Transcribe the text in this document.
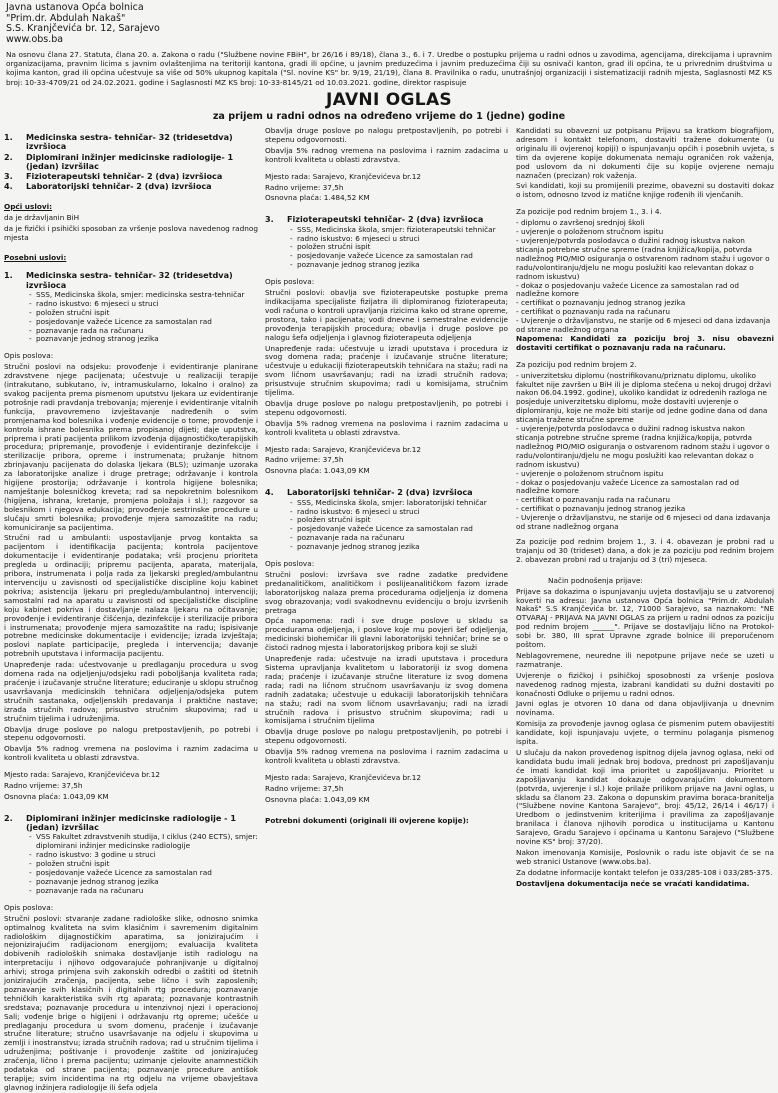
Javna ustanova Opća bolnica
"Prim.dr. Abdulah Nakaš"
S.S. Kranjčevića br. 12, Sarajevo
www.obs.ba
Na osnovu člana 27. Statuta, člana 20. a. Zakona o radu ("Službene novine FBiH", br 26/16 i 89/18), člana 3., 6. i 7. Uredbe o postupku prijema u radni odnos u zavodima, agencijama, direkcijama i upravnim organizacijama, pravnim licima s javnim ovlaštenjima na teritoriji kantona, gradi ili općine, u javnim preduzećima i javnim preduzećima čiji su osnivači kanton, grad ili općina, te u privrednim društvima u kojima kanton, grad ili općina učestvuje sa više od 50% ukupnog kapitala ("Sl. novine KS" br. 9/19, 21/19), člana 8. Pravilnika o radu, unutrašnjoj organizaciji i sistematizaciji radnih mjesta, Saglasnosti MZ KS broj: 10-33-4709/21 od 24.02.2021. godine i Saglasnosti MZ KS broj: 10-33-8145/21 od 10.03.2021. godine, direktor raspisuje
JAVNI OGLAS
za prijem u radni odnos na određeno vrijeme do 1 (jedne) godine
1.	Medicinska sestra- tehničar- 32 (tridesetdva) izvršioca
2.	Diplomirani inžinjer medicinske radiologije- 1 (jedan) izvršilac
3.	Fizioterapeutski tehničar- 2 (dva) izvršioca
4.	Laboratorijski tehničar- 2 (dva) izvršioca

Opći uslovi:

da je državljanin BiH

da je fizički i psihički sposoban za vršenje poslova navedenog radnog mjesta

Posebni uslovi:

1.	Medicinska sestra- tehničar- 32 (tridesetdva) izvršioca
- SSS, Medicinska škola, smjer: medicinska sestra-tehničar
- radno iskustvo: 6 mjeseci u struci
- položen stručni ispit
- posjedovanje važeće Licence za samostalan rad
- poznavanje rada na računaru
- poznavanje jednog stranog jezika

Opis poslova:

Stručni poslovi na odsjeku: provođenje i evidentiranje planirane zdravstvene njege pacijenata; učestvuje u realizaciji terapije (intrakutano, subkutano, iv, intramuskularno, lokalno i oralno) za svakog pacijenta prema pismenom uputstvu ljekara uz evidentiranje potrošnje radi pravdanja trebovanja; mjerenje i evidentiranje vitalnih funkcija, pravovremeno izvještavanje nadređenih o svim promjenama kod bolesnika i vođenje evidencije o tome; provođenje i kontrola ishrane bolesnika prema propisanoj dijeti; daje uputstva, priprema i prati pacijenta prilikom izvođenja dijagnostičko/terapijskih procedura; pripremanje, provođenje i evidentiranje dezinfekcije i sterilizacije pribora, opreme i instrumenata; pružanje hitnom zbrinjavanju pacijenata do dolaska ljekara (BLS); uzimanje uzoraka za laboratorijske analize i druge pretrage; održavanje i kontrola higijene prostorija; održavanje i kontrola higijene bolesnika; namještanje bolesničkog kreveta; rad sa nepokretnim bolesnikom (higijena, ishrana, kretanje, promjena položaja i sl.); razgovor sa bolesnikom i njegova edukacija; provođenje sestrinske procedure u slučaju smrti bolesnika; provođenje mjera samozaštite na radu; komuniciranje sa pacijentima.

Stručni rad u ambulanti: uspostavljanje prvog kontakta sa pacijentom i identifikacija pacijenta; kontrola pacijentove dokumentacije i evidentiranje podataka; vrši procjenu prioriteta pregleda u ordinaciji; pripremu pacijenta, aparata, materijala, pribora, instrumenata i polja rada za ljekarski pregled/ambulantnu intervenciju u zavisnosti od specijalističke discipline koju kabinet pokriva; asistencija ljekaru pri pregledu/ambulantnoj intervenciji; samostalni rad na aparatu u zavisnosti od specijalističke discipline koju kabinet pokriva i dostavljanje nalaza ljekaru na očitavanje; provođenje i evidentiranje čišćenja, dezinfekcije i sterilizacije pribora i instrumenata; provođenje mjera samozaštite na radu; ispisivanje potrebne medicinske dokumentacije i evidencije; izrada izvještaja; poslovi naplate participacije, pregleda i intervencija; davanje potrebnih uputstava i informacija pacijentu.

Unapređenje rada: učestvovanje u predlaganju procedura u svog domena rada na odjeljenju/odsjeku radi poboljšanja kvaliteta rada; praćenje i izučavanje stručne literature; educiranje u sklopu stručnog usavršavanja medicinskih tehničara odjeljenja/odsjeka putem stručnih sastanaka, odjeljenskih predavanja i praktične nastave; izrada stručnih radova; prisustvo stručnim skupovima; rad u stručnim tijelima i udruženjima.

Obavlja druge poslove po nalogu pretpostavljenih, po potrebi i stepenu odgovornosti.

Obavlja 5% radnog vremena na poslovima i raznim zadacima u kontroli kvaliteta u oblasti zdravstva.

Mjesto rada: Sarajevo, Kranjčevićeva br.12

Radno vrijeme: 37,5h

Osnovna plaća: 1.043,09 KM

2.	Diplomirani inžinjer medicinske radiologije - 1 (jedan) izvršilac
- VSS Fakultet zdravstvenih studija, I ciklus (240 ECTS), smjer: diplomirani inžinjer medicinske radiologije
- radno iskustvo: 3 godine u struci
- položen stručni ispit
- posjedovanje važeće Licence za samostalan rad
- poznavanje jednog stranog jezika
- poznavanje rada na računaru

Opis poslova:

Stručni poslovi: stvaranje zadane radiološke slike, odnosno snimka optimalnog kvaliteta na svim klasičnim i savremenim digitalnim radiološkim dijagnostičkim aparatima, sa jonizirajućim i nejonizirajućim radijacionom energijom; evaluacija kvaliteta dobivenih radioloških snimaka dostavljanje istih radiologu na interpretaciju i njihovo odgovarajuće pohranjivanje u digitalnoj arhivi; stroga primjena svih zakonskih odredbi o zaštiti od štetnih jonizirajućih zračenja, pacijenta, sebe lično i svih zaposlenih; poznavanje svih klasičnih i digitalnih rtg procedura; poznavanje tehničkih karakteristika svih rtg aparata; poznavanje kontrastnih sredstava; poznavanje procedura u intenzivnoj njezi i operacionoj Sali; vođenje brige o higijeni i održavanju rtg opreme; učešće u predlaganju procedura u svom domenu, praćenje i izučavanje stručne literature; stručno usavršavanje na odjelu i skupovima u zemlji i inostranstvu; izrada stručnih radova; rad u stručnim tijelima i udruženjima; poštivanje i provođenje zaštite od jonizirajućeg zračenja, lično i prema pacijentu; uzimanje cjelovite anamnestičkih podataka od strane pacijenta; poznavanje procedure antišok terapije; svim incidentima na rtg odjelu na vrijeme obavještava glavnog inžinjera radiologije ili šefa odjela

Obavlja druge poslove po nalogu pretpostavljenih, po potrebi i stepenu odgovornosti.

Obavlja 5% radnog vremena na poslovima i raznim zadacima u kontroli kvaliteta u oblasti zdravstva.

Mjesto rada: Sarajevo, Kranjčevićeva br.12

Radno vrijeme: 37,5h

Osnovna plaća: 1.484,52 KM

3.	Fizioterapeutski tehničar- 2 (dva) izvršioca
- SSS, Medicinska škola, smjer: fizioterapeutski tehničar
- radno iskustvo: 6 mjeseci u struci
- položen stručni ispit
- posjedovanje važeće Licence za samostalan rad
- poznavanje jednog stranog jezika

Opis poslova:

Stručni poslovi: obavlja sve fizioterapeutske postupke prema indikacijama specijaliste fizijatra ili diplomiranog fizioterapeuta; vodi računa o kontroli upravljanja rizicima kako od strane opreme, prostora, tako i pacijenata; vodi dnevne i semestralne evidencije provođenja terapijskih procedura; obavlja i druge poslove po nalogu šefa odjeljenja i glavnog fizioterapeuta odjeljenja

Unapređenje rada: učestvuje u izradi uputstava i procedura iz svog domena rada; praćenje i izučavanje stručne literature; učestvuje u edukaciji fizioterapeutskih tehničara na stažu; radi na svom ličnom usavršavanju; radi na izradi stručnih radova; prisustvuje stručnim skupovima; radi u komisijama, stručnim tijelima.

Obavlja druge poslove po nalogu pretpostavljenih, po potrebi i stepenu odgovornosti.

Obavlja 5% radnog vremena na poslovima i raznim zadacima u kontroli kvaliteta u oblasti zdravstva.

Mjesto rada: Sarajevo, Kranjčevićeva br.12

Radno vrijeme: 37,5h

Osnovna plaća: 1.043,09 KM

4.	Laboratorijski tehničar- 2 (dva) izvršioca
- SSS, Medicinska škola, smjer: laboratorijski tehničar
- radno iskustvo: 6 mjeseci u struci
- položen stručni ispit
- posjedovanje važeće Licence za samostalan rad
- poznavanje rada na računaru
- poznavanje jednog stranog jezika

Opis poslova:

Stručni poslovi: izvršava sve radne zadatke predviđene predanalitičkom, analitičkom i poslijeanalitičkom fazom izrade laboratorijskog nalaza prema procedurama odjeljenja iz domena svog obrazovanja; vodi svakodnevnu evidenciju o broju izvršenih pretraga

Opća napomena: radi i sve druge poslove u skladu sa procedurama odjeljenja, i poslove koje mu povjeri šef odjeljenja, medicinski biohemičar ili glavni laboratorijski tehničar; brine se o čistoći radnog mjesta i laboratorijskog pribora koji se služi

Unapređenje rada: učestvuje na izradi uputstava i procedura Sistema upravljanja kvalitetom u laboratoriji iz svog domena rada; praćenje i izučavanje stručne literature iz svog domena rada; radi na ličnom stručnom usavršavanju iz svog domena radnih zadataka; učestvuje u edukaciji laboratorijskih tehničara na stažu; radi na svom ličnom usavršavanju; radi na izradi stručnih radova i prisustvo stručnim skupovima; radi u komisijama i stručnim tijelima

Obavlja druge poslove po nalogu pretpostavljenih, po potrebi i stepenu odgovornosti.

Obavlja 5% radnog vremena na poslovima i raznim zadacima u kontroli kvaliteta u oblasti zdravstva.

Mjesto rada: Sarajevo, Kranjčevićeva br.12

Radno vrijeme: 37,5h

Osnovna plaća: 1.043,09 KM

Potrebni dokumenti (originali ili ovjerene kopije):

Kandidati su obavezni uz potpisanu Prijavu sa kratkom biografijom, adresom i kontakt telefonom, dostaviti tražene dokumente (u originalu ili ovjerenoj kopiji) o ispunjavanju općih i posebnih uvjeta, s tim da ovjerene kopije dokumenata nemaju ograničen rok važenja, pod uslovom da ni dokumenti čije su kopije ovjerene nemaju naznačen (precizan) rok važenja.

Svi kandidati, koji su promijenili prezime, obavezni su dostaviti dokaz o istom, odnosno Izvod iz matične knjige rođenih ili vjenčanih.

Za pozicije pod rednim brojem 1., 3. i 4.

- diplomu o završenoj srednjoj školi
- uvjerenje o položenom stručnom ispitu
- uvjerenje/potvrda poslodavca o dužini radnog iskustva nakon sticanja potrebne stručne spreme (radna knjižica/kopija, potvrda nadležnog PIO/MIO osiguranja o ostvarenom radnom stažu i ugovor o radu/volontiranju/djelu ne mogu poslužiti kao relevantan dokaz o radnom iskustvu)
- dokaz o posjedovanju važeće Licence za samostalan rad od nadležne komore
- certifikat o poznavanju jednog stranog jezika
- certifikat o poznavanju rada na računaru
- Uvjerenje o državljanstvu, ne starije od 6 mjeseci od dana izdavanja od strane nadležnog organa

Napomena: Kandidati za poziciju broj 3. nisu obavezni dostaviti certifikat o poznavanju rada na računaru.

Za poziciju pod rednim brojem 2.

- univerzitetsku diplomu (nostrifikovanu/priznatu diplomu, ukoliko fakultet nije završen u BiH ili je diploma stečena u nekoj drugoj državi nakon 06.04.1992. godine), ukoliko kandidat iz odredenih razloga ne posjeduje univerzitetsku diplomu, može dostaviti uvjerenje o diplomiranju, koje ne može biti starije od jedne godine dana od dana sticanja tražene stručne spreme
- uvjerenje/potvrda poslodavca o dužini radnog iskustva nakon sticanja potrebne stručne spreme (radna knjižica/kopija, potvrda nadležnog PIO/MIO osiguranja o ostvarenom radnom stažu i ugovor o radu/volontiranju/djelu ne mogu poslužiti kao relevantan dokaz o radnom iskustvu)
- uvjerenje o položenom stručnom ispitu
- dokaz o posjedovanju važeće Licence za samostalan rad od nadležne komore
- certifikat o poznavanju rada na računaru
- certifikat o poznavanju jednog stranog jezika
- Uvjerenje o državljanstvu, ne starije od 6 mjeseci od dana izdavanja od strane nadležnog organa

Za pozicije pod rednim brojem 1., 3. i 4. obavezan je probni rad u trajanju od 30 (trideset) dana, a dok je za poziciju pod rednim brojem 2. obavezan probni rad u trajanju od 3 (tri) mjeseca.

Način podnošenja prijave:

Prijave sa dokazima o ispunjavanju uvjeta dostavljaju se u zatvorenoj koverti na adresu: Javna ustanova Opća bolnica "Prim.dr. Abdulah Nakaš" S.S Kranjčevića br. 12, 71000 Sarajevo, sa naznakom: "NE OTVARAJ - PRIJAVA NA JAVNI OGLAS za prijem u radni odnos za poziciju pod rednim brojem ______". Prijave se dostavljaju lično na Protokol-sobi br. 380, III sprat Upravne zgrade bolnice ili preporučenom poštom.

Neblagovremene, neuredne ili nepotpune prijave neće se uzeti u razmatranje.

Uvjerenje o fizičkoj i psihičkoj sposobnosti za vršenje poslova navedenog radnog mjesta, izabrani kandidati su dužni dostaviti po konačnosti Odluke o prijemu u radni odnos.

Javni oglas je otvoren 10 dana od dana objavljivanja u dnevnim novinama.

Komisija za provođenje javnog oglasa će pismenim putem obavijestiti kandidate, koji ispunjavaju uvjete, o terminu polaganja pismenog ispita.

U slučaju da nakon provedenog ispitnog dijela javnog oglasa, neki od kandidata budu imali jednak broj bodova, prednost pri zapošljavanju će imati kandidat koji ima prioritet u zapošljavanju. Prioritet u zapošljavanju kandidat dokazuje odgovarajućim dokumentom (potvrda, uvjerenje i sl.) koje prilaže prilikom prijave na Javni oglas, u skladu sa članom 23. Zakona o dopunskim pravima boraca-branitelja ("Službene novine Kantona Sarajevo", broj: 45/12, 26/14 i 46/17) i Uredbom o jedinstvenim kriterijima i pravilima za zapošljavanje branilaca i članova njihovih porodica u institucijama u Kantonu Sarajevo, Gradu Sarajevo i općinama u Kantonu Sarajevo ("Službene novine KS" broj: 37/20).

Nakon imenovanja Komisije, Poslovnik o radu iste objavit će se na web stranici Ustanove (www.obs.ba).

Za dodatne informacije kontakt telefon je 033/285-108 i 033/285-375.

Dostavljena dokumentacija neće se vraćati kandidatima.
